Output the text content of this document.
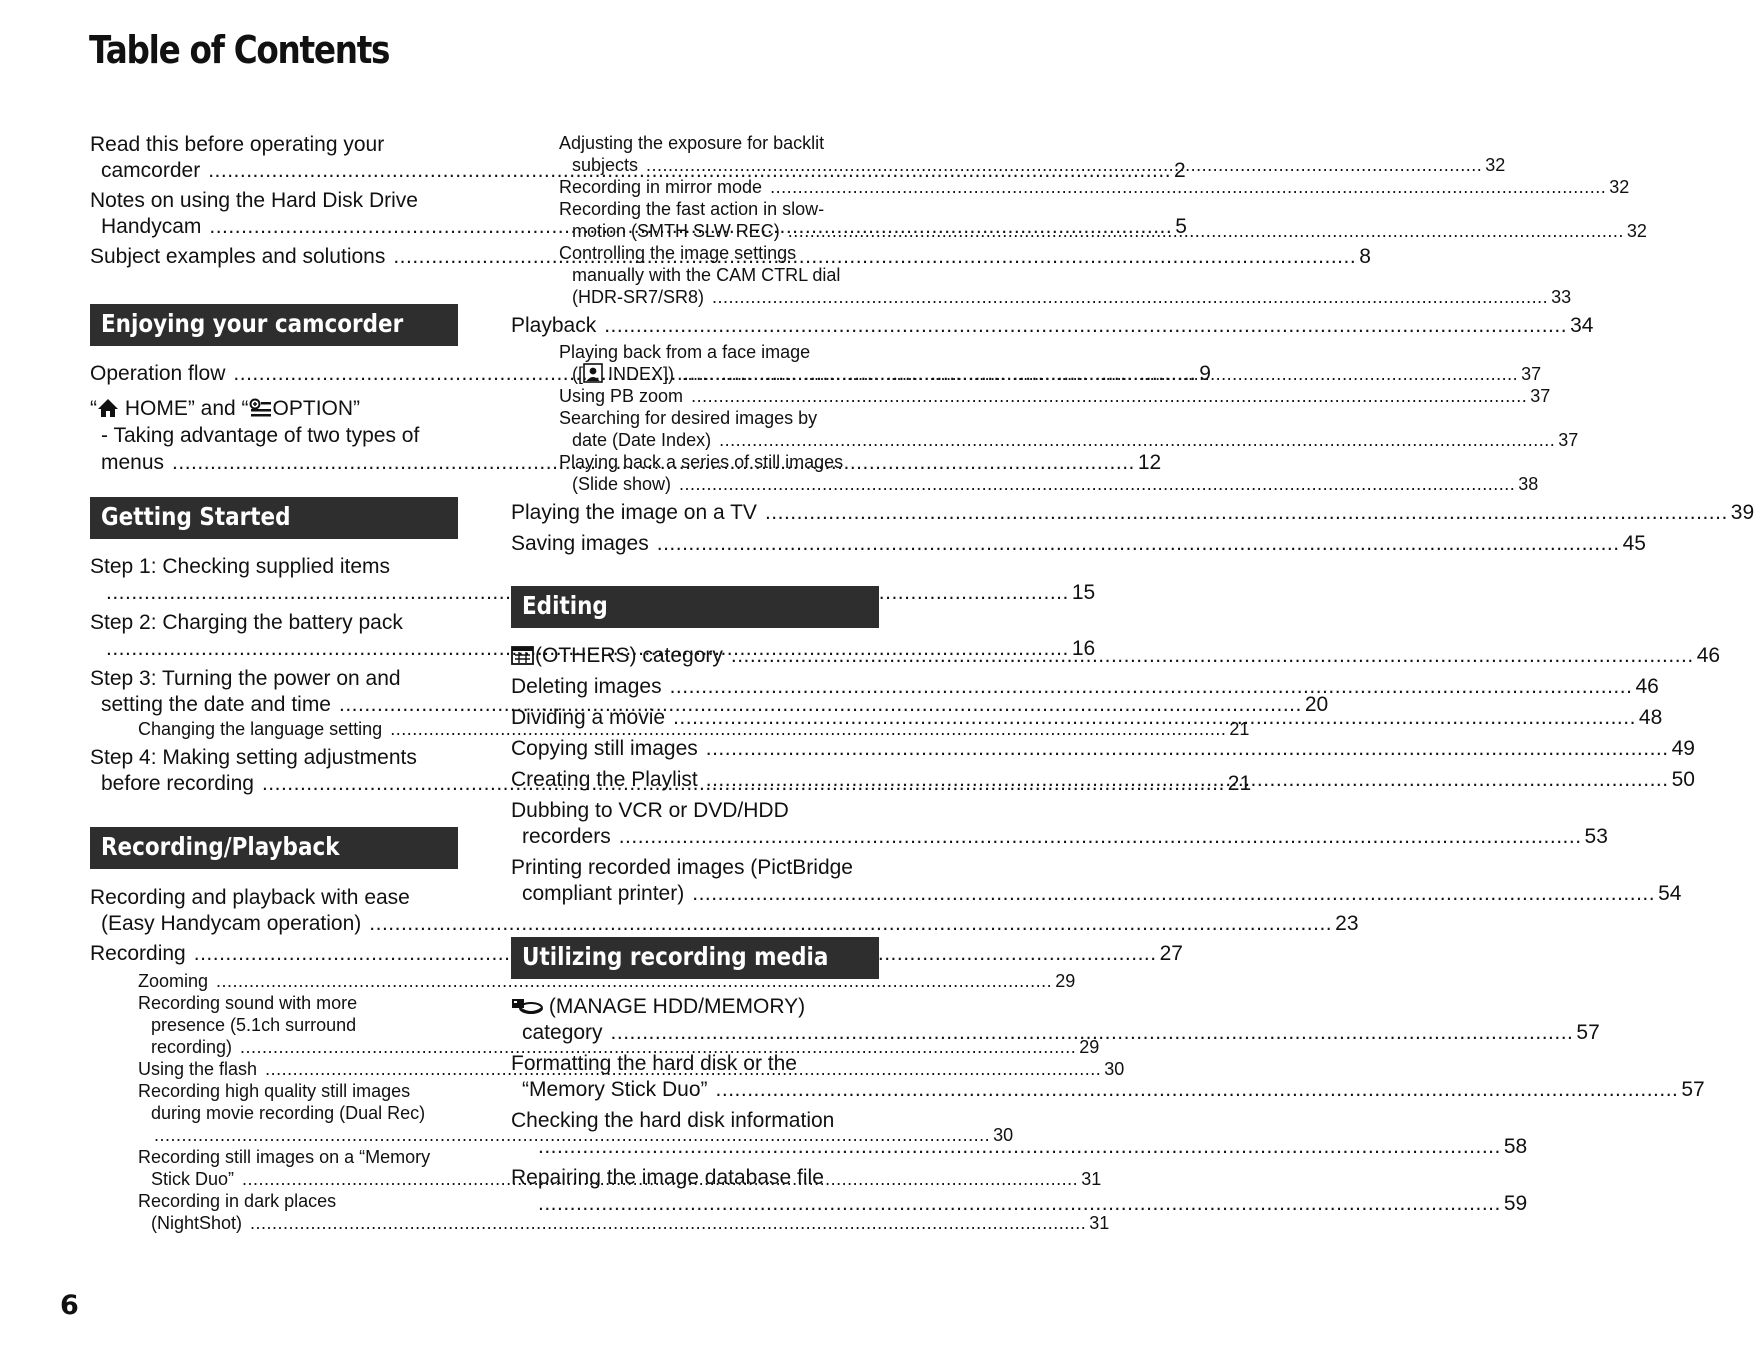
Table of Contents
Read this before operating your
camcorder .....	2
Notes on using the Hard Disk Drive
Handycam .....	5
Subject examples and solutions .....	8
Enjoying your camcorder
Operation flow .....	9
“ HOME” and “ OPTION”
- Taking advantage of two types of
menus .....	12
Getting Started
Step 1: Checking supplied items
.....15
Step 2: Charging the battery pack
.....16
Step 3: Turning the power on and
setting the date and time .....	20
Changing the language setting .....	21
Step 4: Making setting adjustments
before recording .....	21
Recording/Playback
Recording and playback with ease
(Easy Handycam operation) .....	23
Recording .....	27
Zooming .....	29
Recording sound with more
presence (5.1ch surround
recording) .....	29
Using the flash .....	30
Recording high quality still images
during movie recording (Dual Rec)
.....30
Recording still images on a “Memory
Stick Duo” .....	31
Recording in dark places
(NightShot) .....	31
Adjusting the exposure for backlit
subjects .....	32
Recording in mirror mode .....	32
Recording the fast action in slow-
motion (SMTH SLW REC) .....	32
Controlling the image settings
manually with the CAM CTRL dial
(HDR-SR7/SR8) .....	33
Playback .....	34
Playing back from a face image
([ INDEX]) .....	37
Using PB zoom .....	37
Searching for desired images by
date (Date Index) .....	37
Playing back a series of still images
(Slide show) .....	38
Playing the image on a TV .....	39
Saving images .....	45
Editing
(OTHERS) category .....	46
Deleting images .....	46
Dividing a movie .....	48
Copying still images .....	49
Creating the Playlist .....	50
Dubbing to VCR or DVD/HDD
recorders .....	53
Printing recorded images (PictBridge
compliant printer) .....	54
Utilizing recording media
(MANAGE HDD/MEMORY)
category .....	57
Formatting the hard disk or the
“Memory Stick Duo” .....	57
Checking the hard disk information
.....58
Repairing the image database file
.....59
6
